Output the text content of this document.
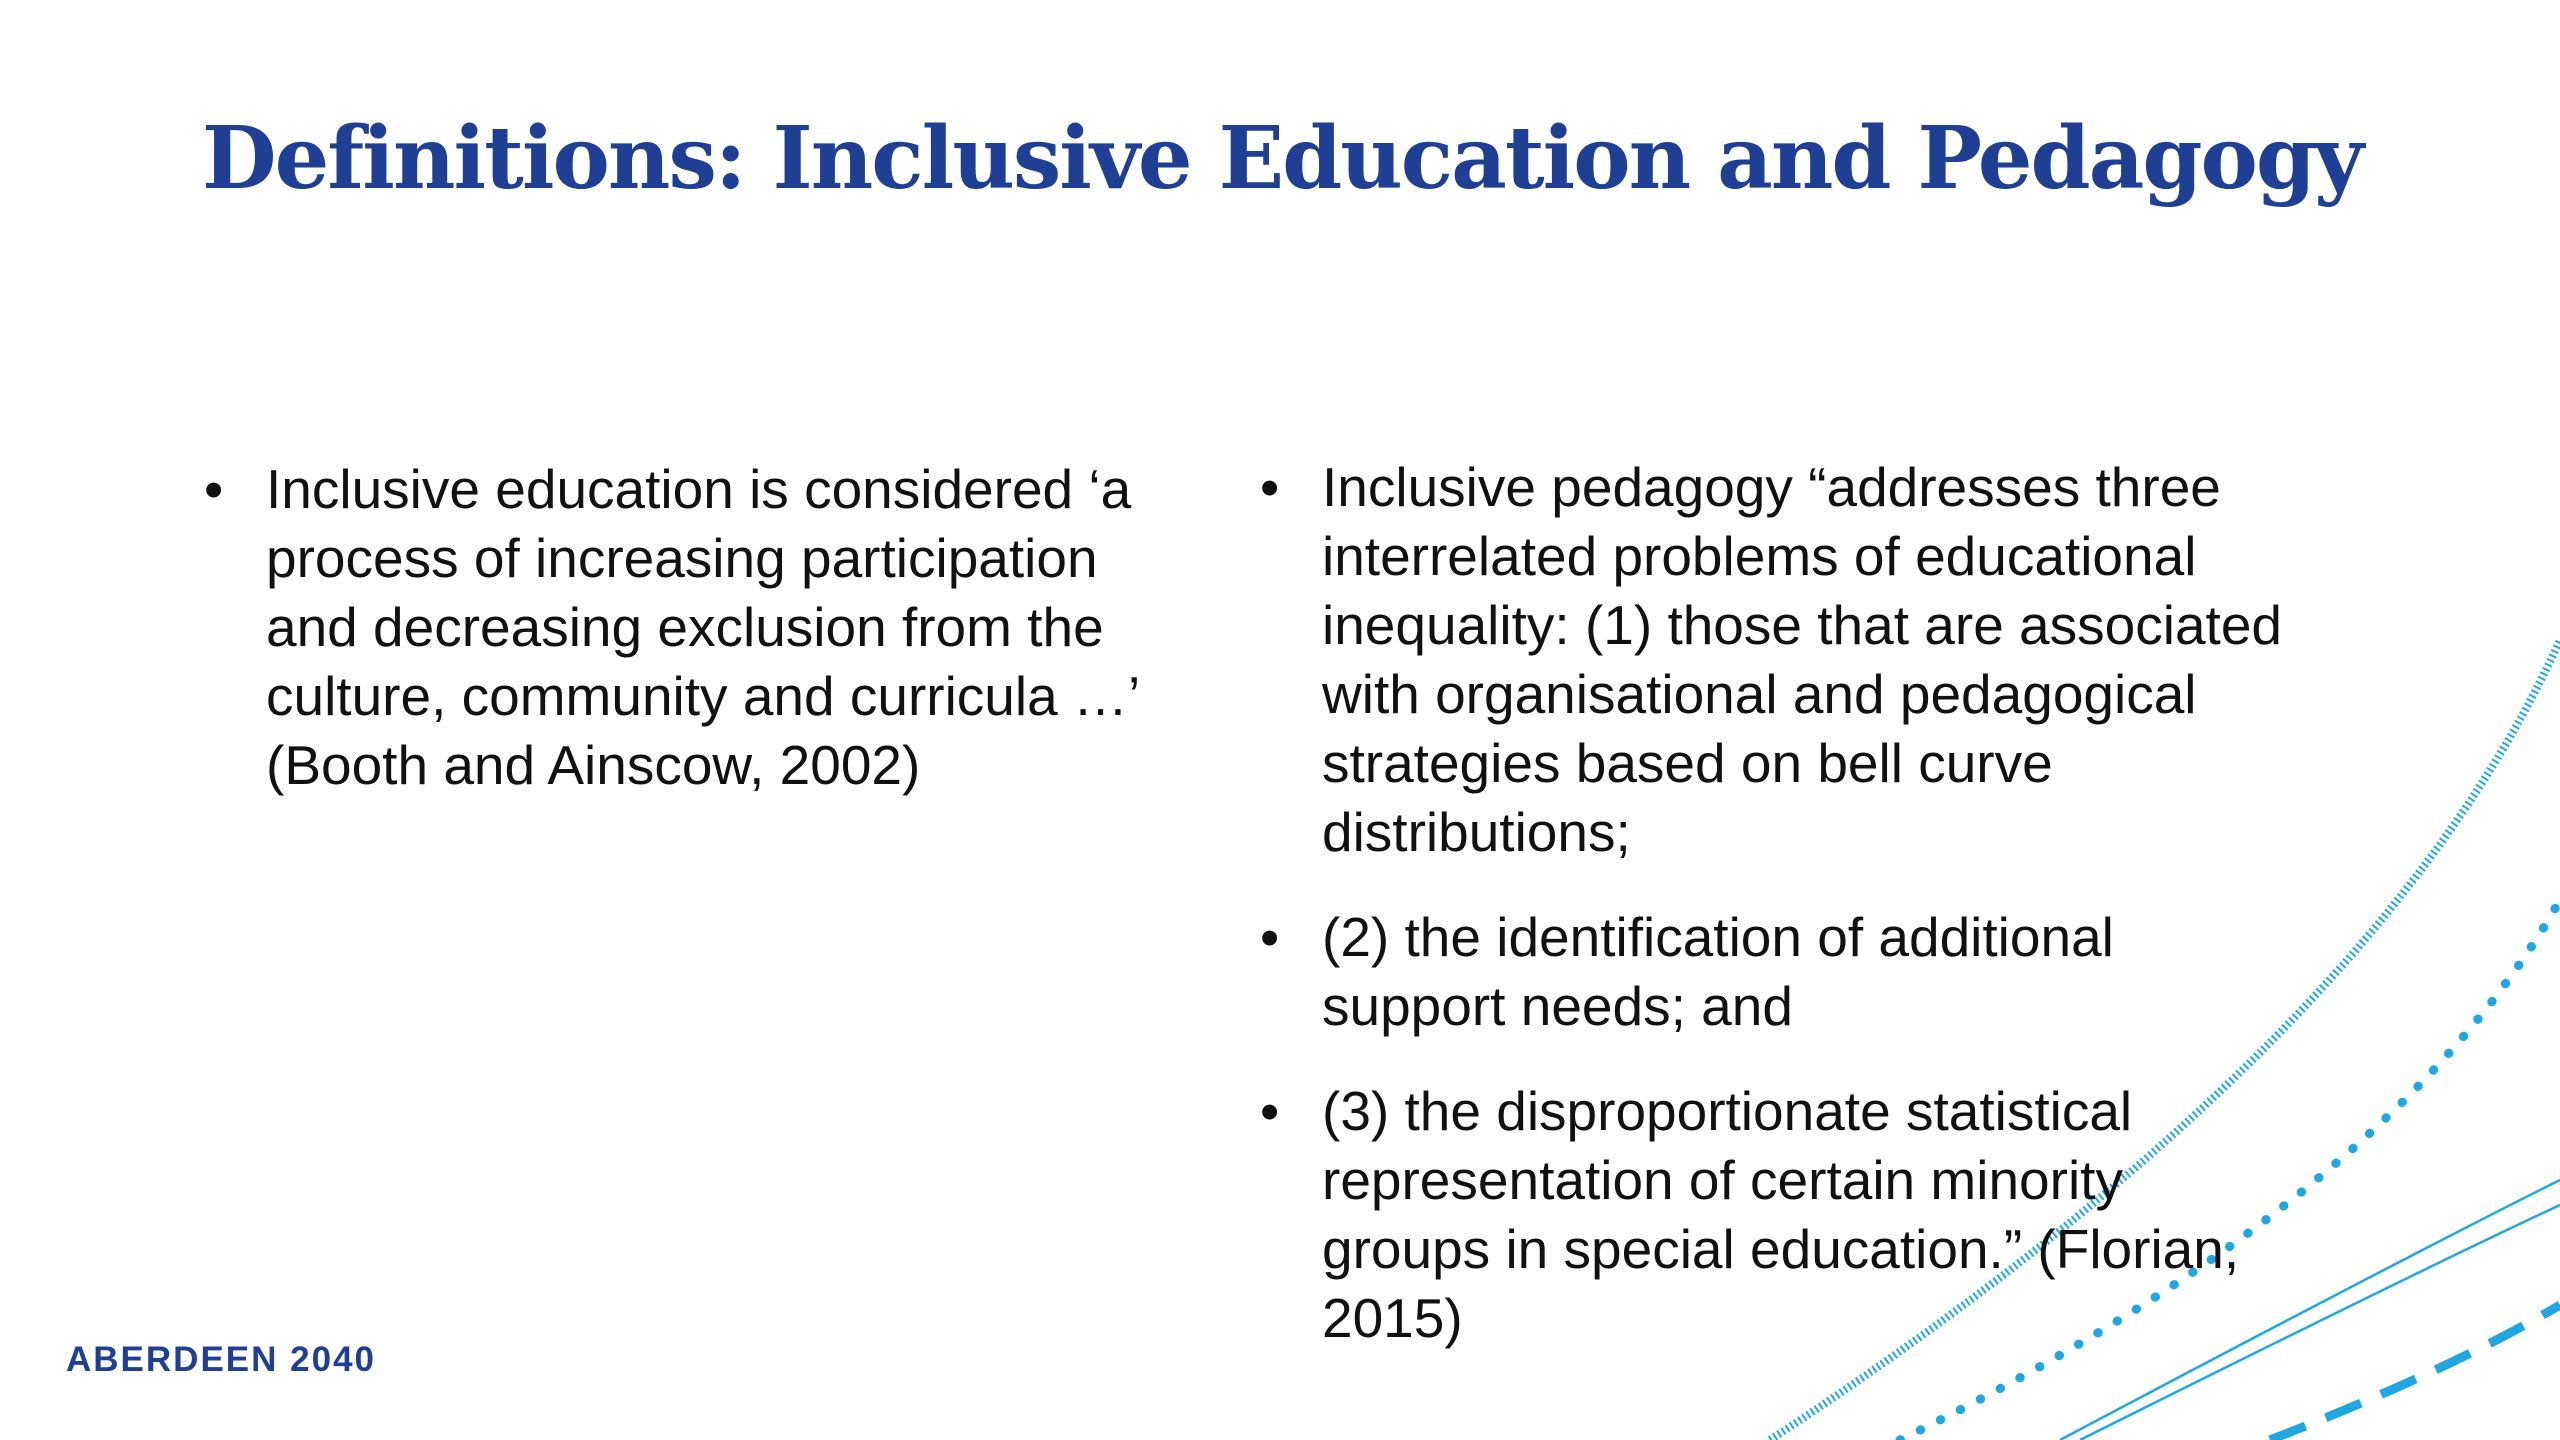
Definitions: Inclusive Education and Pedagogy
• Inclusive education is considered ‘a process of increasing participation and decreasing exclusion from the culture, community and curricula …’ (Booth and Ainscow, 2002)
• Inclusive pedagogy “addresses three interrelated problems of educational inequality: (1) those that are associated with organisational and pedagogical strategies based on bell curve distributions;
• (2) the identification of additional support needs; and
• (3) the disproportionate statistical representation of certain minority groups in special education.” (Florian, 2015)
ABERDEEN 2040
